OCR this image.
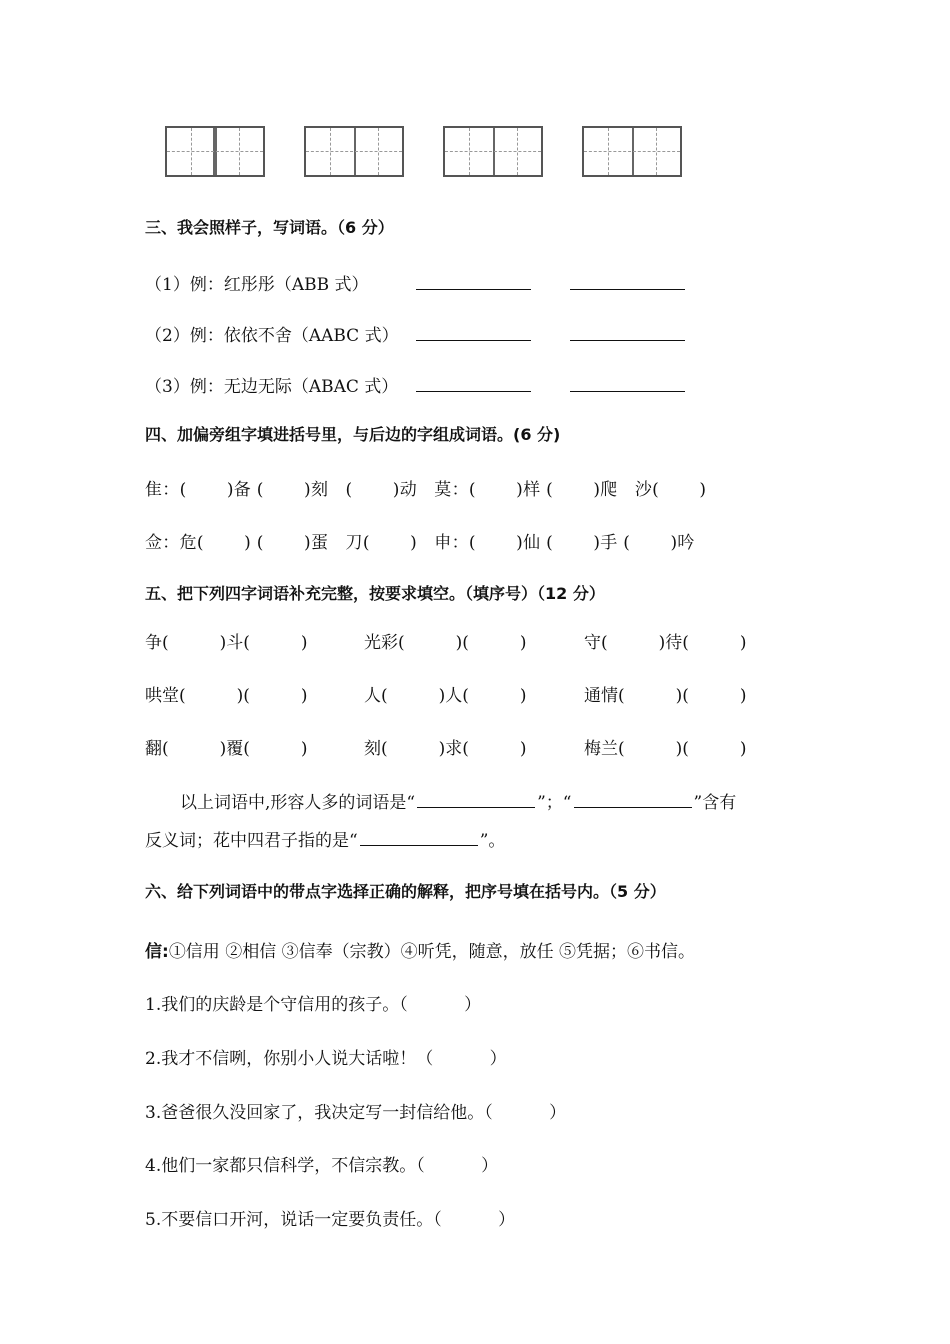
三、我会照样子，写词语。（6 分）
（1）例：红彤彤（ABB 式）
（2）例：依依不舍（AABC 式）
（3）例：无边无际（ABAC 式）
四、加偏旁组字填进括号里，与后边的字组成词语。(6 分)
隹：(　　 )备 (　　 )刻　(　　 )动　莫：(　　 )样 (　　 )爬　沙(　　 )
佥：危(　　 ) (　　 )蛋　刀(　　 )　申：(　　 )仙 (　　 )手 (　　 )吟
五、把下列四字词语补充完整，按要求填空。（填序号）（12 分）
争(　　　)斗(　　　)	光彩(　　　)(　　　)	守(　　　)待(　　　)
哄堂(　　　)(　　　)	人(　　　)人(　　　)	通情(　　　)(　　　)
翻(　　　)覆(　　　)	刻(　　　)求(　　　)	梅兰(　　　)(　　　)
以上词语中,形容人多的词语是“	”；“	”含有
反义词；花中四君子指的是“	”。
六、给下列词语中的带点字选择正确的解释，把序号填在括号内。（5 分）
信:①信用 ②相信 ③信奉（宗教）④听凭，随意，放任 ⑤凭据；⑥书信。
1.我们的庆龄是个守信用的孩子。（　　　 ）
2.我才不信咧，你别小人说大话啦！（　　　 ）
3.爸爸很久没回家了，我决定写一封信给他。（　　　 ）
4.他们一家都只信科学，不信宗教。（　　　 ）
5.不要信口开河，说话一定要负责任。（　　　 ）
